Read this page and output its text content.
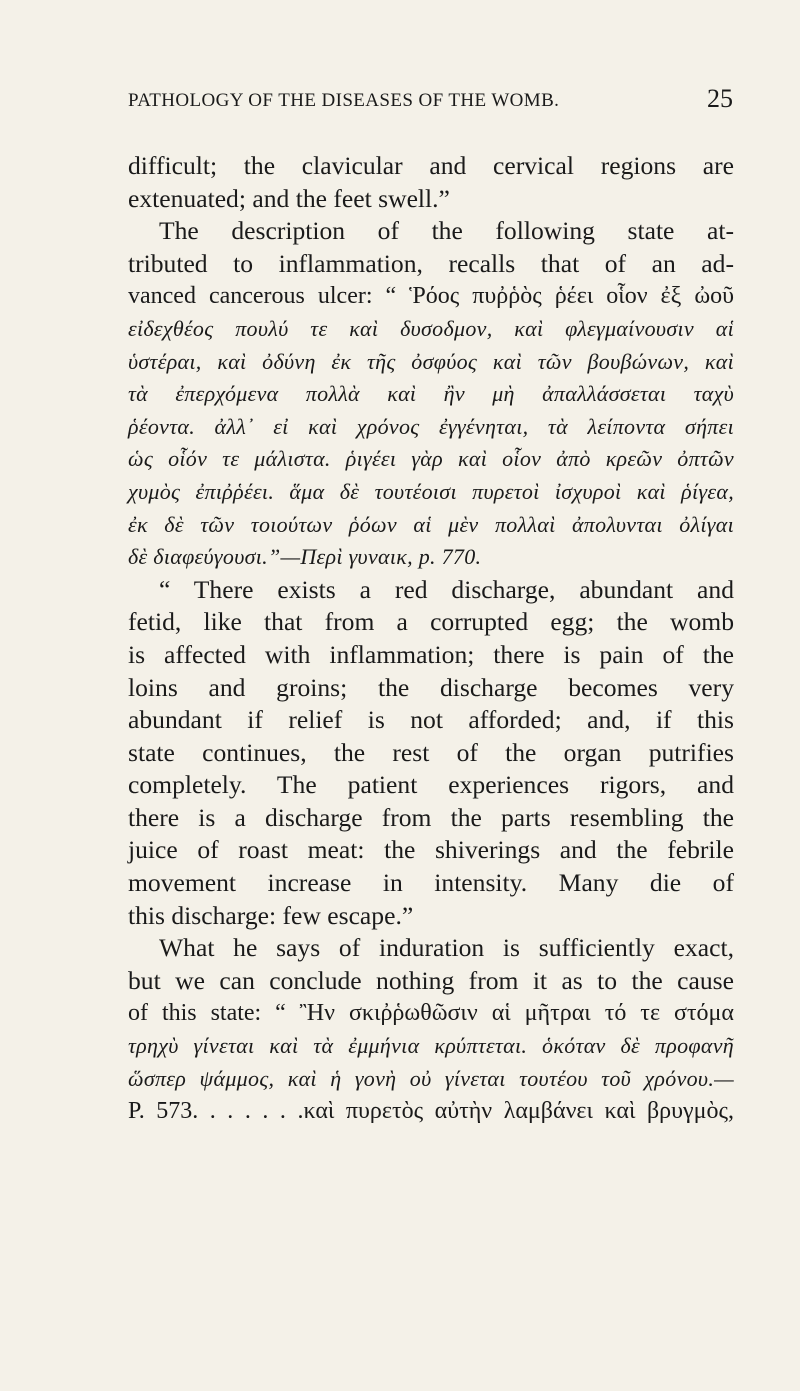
PATHOLOGY OF THE DISEASES OF THE WOMB.	25
difficult; the clavicular and cervical regions are
extenuated; and the feet swell.”
The description of the following state at-
tributed to inflammation, recalls that of an ad-
vanced cancerous ulcer: “ Ῥόος πυῤῥὸς ῥέει οἷον ἐξ ὠοῦ
εἰδεχθέος πουλύ τε καὶ δυσοδμον, καὶ φλεγμαίνουσιν αἱ
ὑστέραι, καὶ ὀδύνη ἐκ τῆς ὀσφύος καὶ τῶν βουβώνων, καὶ
τὰ ἐπερχόμενα πολλὰ καὶ ἢν μὴ ἀπαλλάσσεται ταχὺ
ῥέοντα. ἀλλ᾽ εἰ καὶ χρόνος ἐγγένηται, τὰ λείποντα σήπει
ὡς οἷόν τε μάλιστα. ῥιγέει γὰρ καὶ οἷον ἀπὸ κρεῶν ὀπτῶν
χυμὸς ἐπιῤῥέει. ἅμα δὲ τουτέοισι πυρετοὶ ἰσχυροὶ καὶ ῥίγεα,
ἐκ δὲ τῶν τοιούτων ῥόων αἱ μὲν πολλαὶ ἀπολυνται ὀλίγαι
δὲ διαφεύγουσι.”—Περὶ γυναικ, p. 770.
“ There exists a red discharge, abundant and
fetid, like that from a corrupted egg; the womb
is affected with inflammation; there is pain of the
loins and groins; the discharge becomes very
abundant if relief is not afforded; and, if this
state continues, the rest of the organ putrifies
completely. The patient experiences rigors, and
there is a discharge from the parts resembling the
juice of roast meat: the shiverings and the febrile
movement increase in intensity. Many die of
this discharge: few escape.”
What he says of induration is sufficiently exact,
but we can conclude nothing from it as to the cause
of this state: “ Ἢν σκιῤῥωθῶσιν αἱ μῆτραι τό τε στόμα
τρηχὺ γίνεται καὶ τὰ ἐμμήνια κρύπτεται. ὁκόταν δὲ προφανῆ
ὥσπερ ψάμμος, καὶ ἡ γονὴ οὐ γίνεται τουτέου τοῦ χρόνου.—
P. 573. . . . . . .καὶ πυρετὸς αὐτὴν λαμβάνει καὶ βρυγμὸς,
